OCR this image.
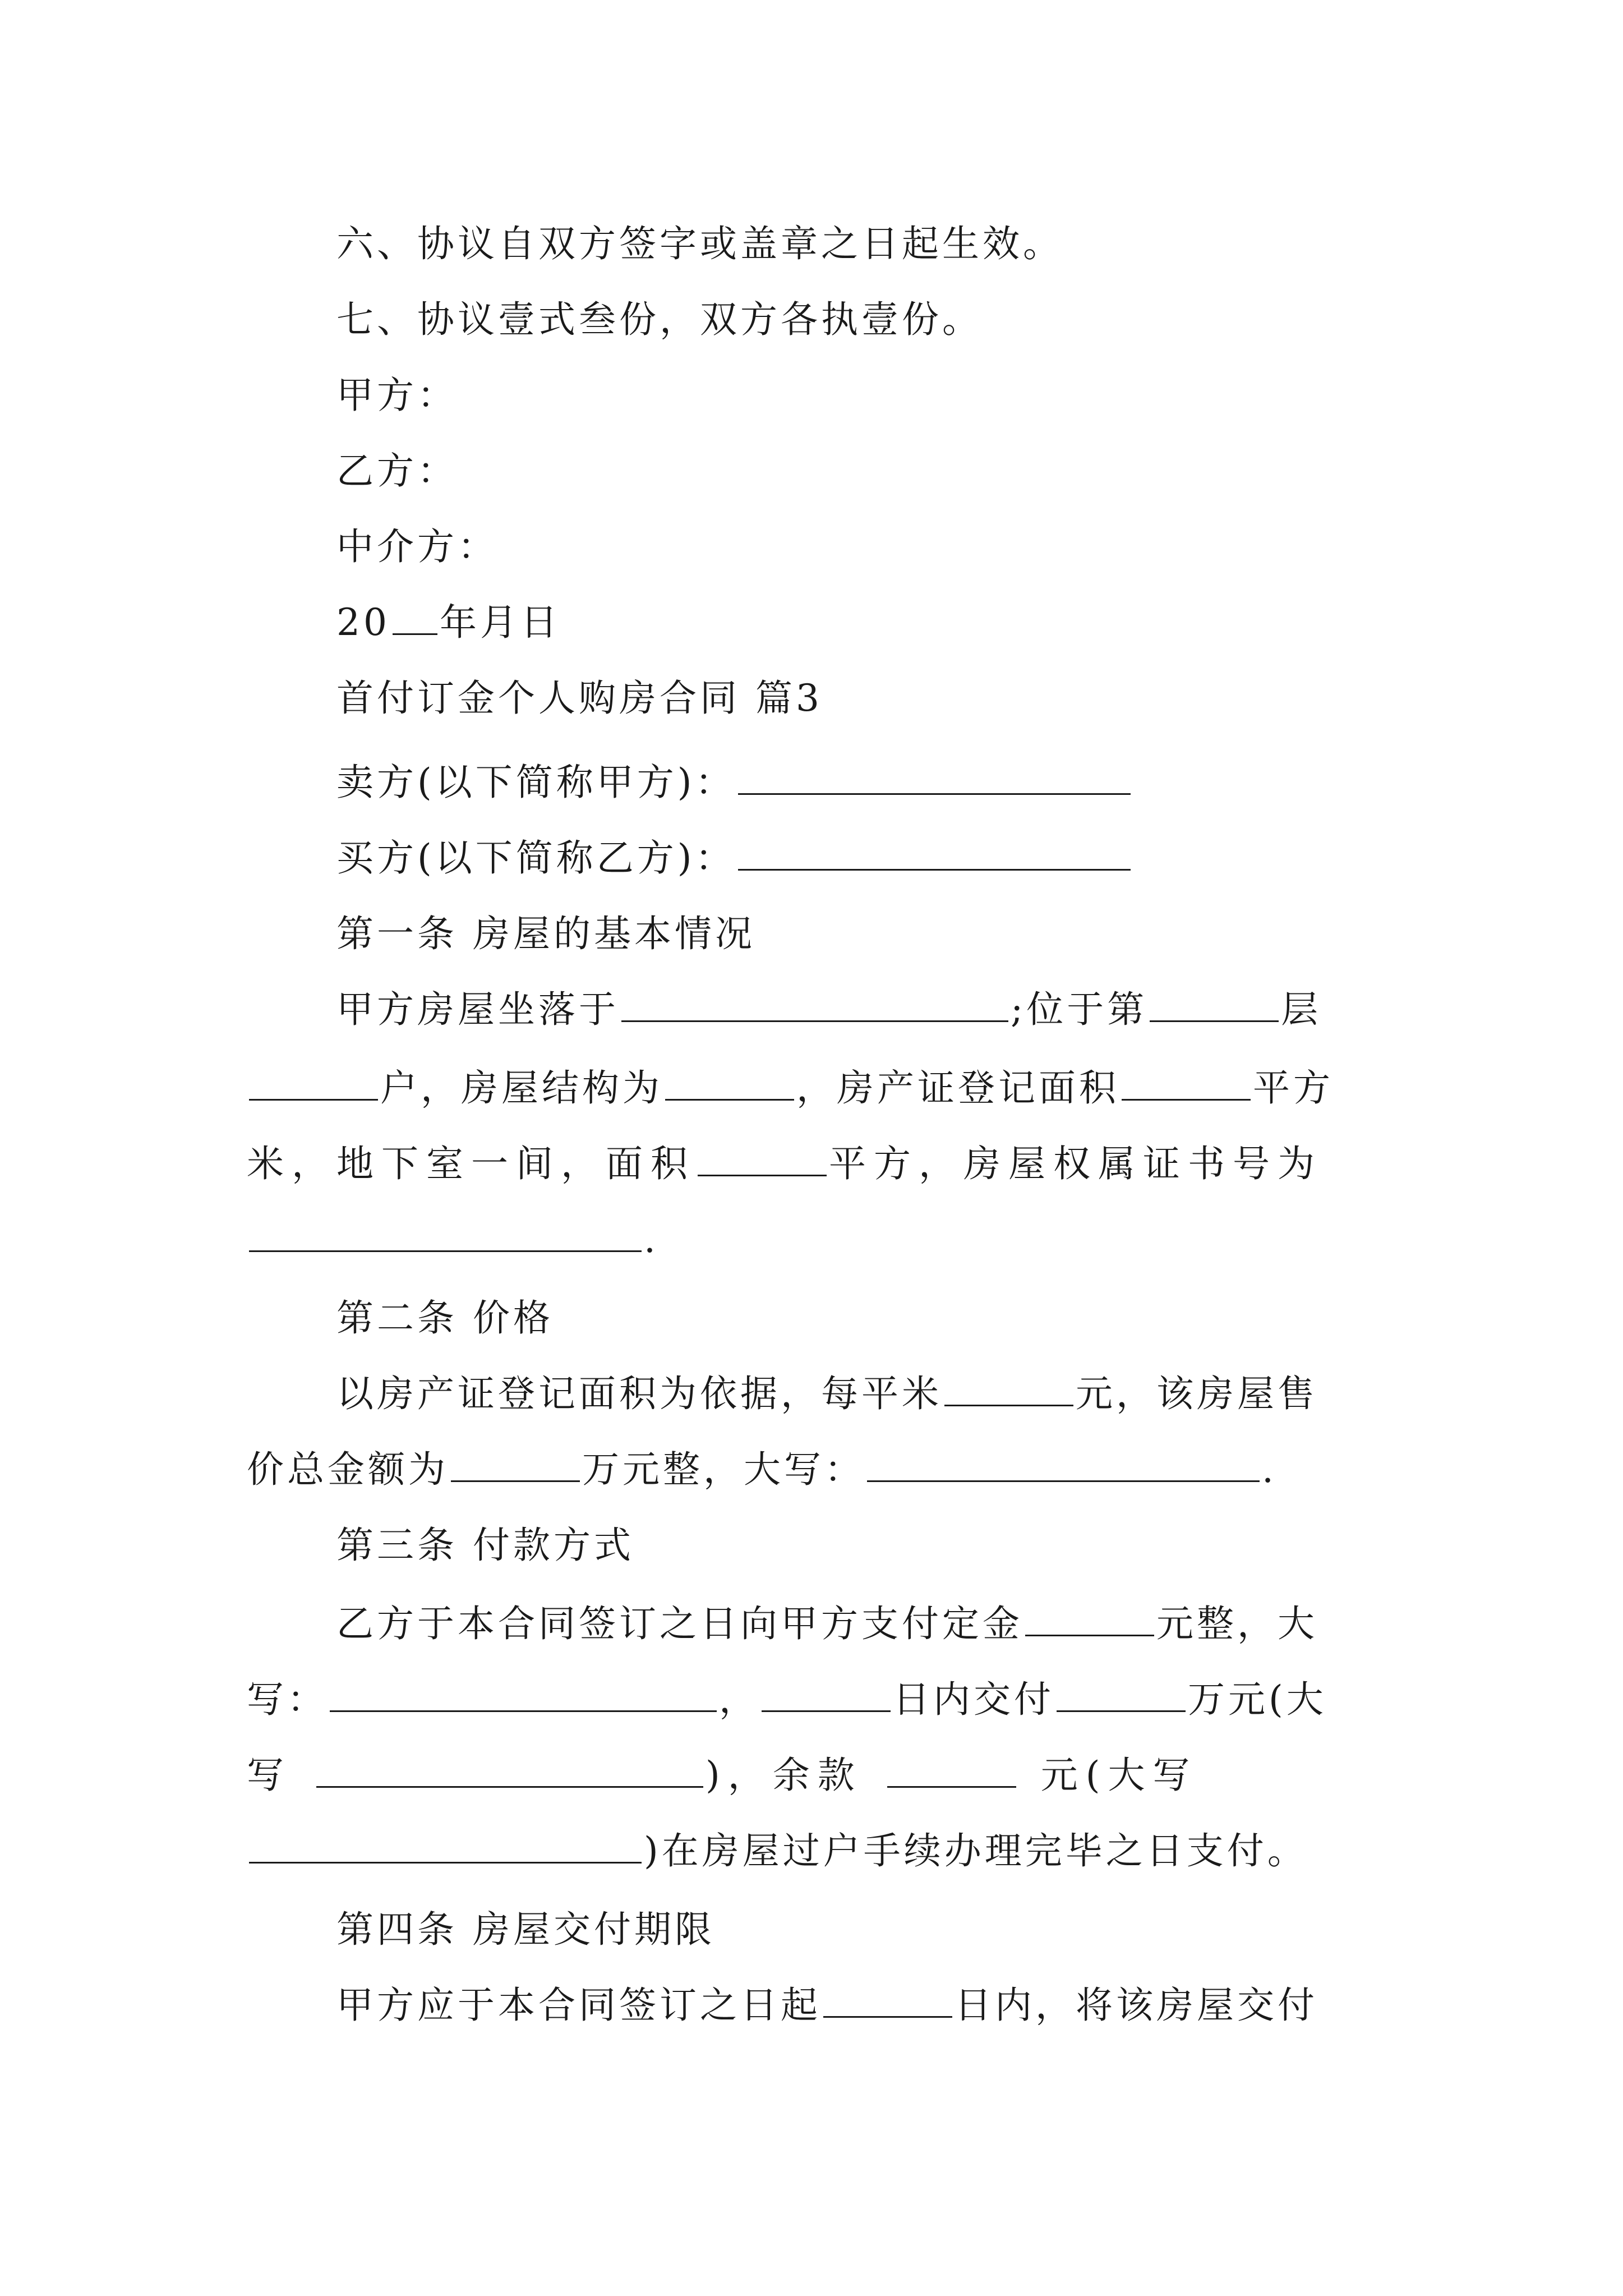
六、协议自双方签字或盖章之日起生效。
七、协议壹式叁份，双方各执壹份。
甲方：
乙方：
中介方：
20 年月日
首付订金个人购房合同 篇3
卖方(以下简称甲方)：
买方(以下简称乙方)：
第一条 房屋的基本情况
甲方房屋坐落于	;位于第	层
户，房屋结构为	，房产证登记面积	平方
米，地下室一间，面积	平方，房屋权属证书号为
.
第二条 价格
以房产证登记面积为依据，每平米	元，该房屋售
价总金额为	万元整，大写：	.
第三条 付款方式
乙方于本合同签订之日向甲方支付定金	元整，大
写：	，	日内交付	万元(大
写	)，余款	元(大写
)在房屋过户手续办理完毕之日支付。
第四条 房屋交付期限
甲方应于本合同签订之日起	日内，将该房屋交付
